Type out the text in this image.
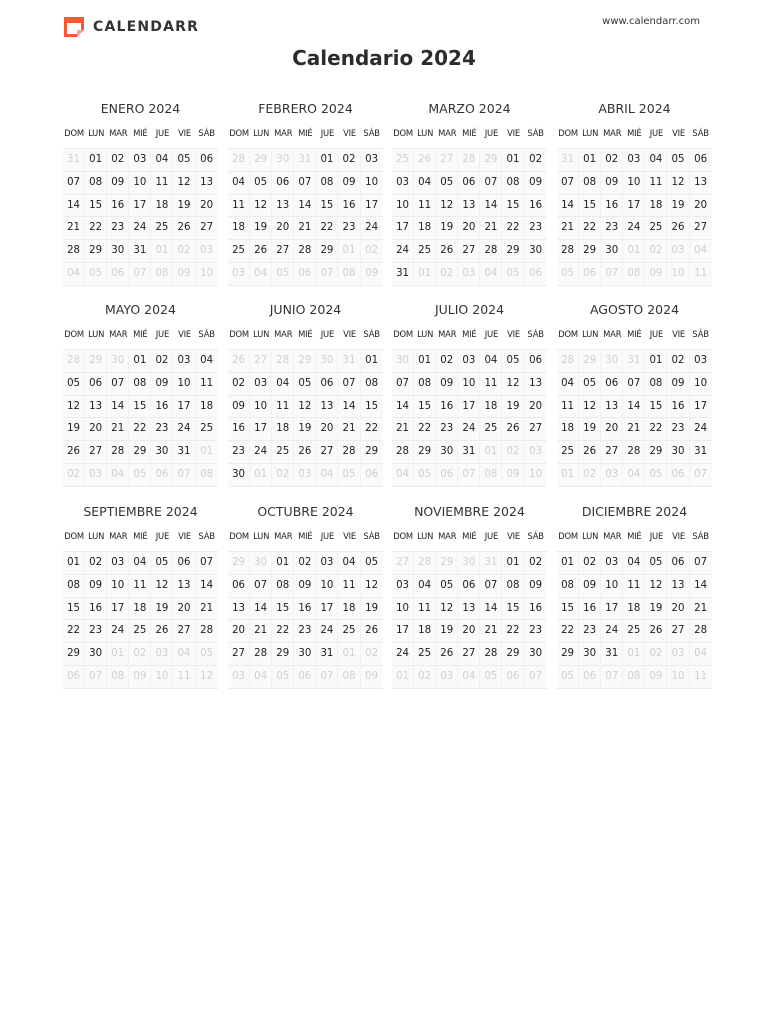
CALENDARR	www.calendarr.com
Calendario 2024
ENERO 2024
DOM LUN MAR MIÉ JUE	VIE SÁB
31 01 02 03 04 05 06
07 08 09 10 11 12 13
14 15 16 17 18 19 20
21 22 23 24 25 26 27
28 29 30 31 01 02 03
04 05 06 07 08 09 10
FEBRERO 2024
DOM LUN MAR MIÉ JUE	VIE SÁB
28 29 30 31 01 02 03
04 05 06 07 08 09 10
11 12 13 14 15 16 17
18 19 20 21 22 23 24
25 26 27 28 29 01 02
03 04 05 06 07 08 09
MARZO 2024
DOM LUN MAR MIÉ JUE	VIE SÁB
25 26 27 28 29 01 02
03 04 05 06 07 08 09
10 11 12 13 14 15 16
17 18 19 20 21 22 23
24 25 26 27 28 29 30
31 01 02 03 04 05 06
ABRIL 2024
DOM LUN MAR MIÉ JUE	VIE SÁB
31 01 02 03 04 05 06
07 08 09 10 11 12 13
14 15 16 17 18 19 20
21 22 23 24 25 26 27
28 29 30 01 02 03 04
05 06 07 08 09 10 11
MAYO 2024
DOM LUN MAR MIÉ JUE	VIE SÁB
28 29 30 01 02 03 04
05 06 07 08 09 10 11
12 13 14 15 16 17 18
19 20 21 22 23 24 25
26 27 28 29 30 31 01
02 03 04 05 06 07 08
JUNIO 2024
DOM LUN MAR MIÉ JUE	VIE SÁB
26 27 28 29 30 31 01
02 03 04 05 06 07 08
09 10 11 12 13 14 15
16 17 18 19 20 21 22
23 24 25 26 27 28 29
30 01 02 03 04 05 06
JULIO 2024
DOM LUN MAR MIÉ JUE	VIE SÁB
30 01 02 03 04 05 06
07 08 09 10 11 12 13
14 15 16 17 18 19 20
21 22 23 24 25 26 27
28 29 30 31 01 02 03
04 05 06 07 08 09 10
AGOSTO 2024
DOM LUN MAR MIÉ JUE	VIE SÁB
28 29 30 31 01 02 03
04 05 06 07 08 09 10
11 12 13 14 15 16 17
18 19 20 21 22 23 24
25 26 27 28 29 30 31
01 02 03 04 05 06 07
SEPTIEMBRE 2024
DOM LUN MAR MIÉ JUE	VIE SÁB
01 02 03 04 05 06 07
08 09 10 11 12 13 14
15 16 17 18 19 20 21
22 23 24 25 26 27 28
29 30 01 02 03 04 05
06 07 08 09 10 11 12
OCTUBRE 2024
DOM LUN MAR MIÉ JUE	VIE SÁB
29 30 01 02 03 04 05
06 07 08 09 10 11 12
13 14 15 16 17 18 19
20 21 22 23 24 25 26
27 28 29 30 31 01 02
03 04 05 06 07 08 09
NOVIEMBRE 2024
DOM LUN MAR MIÉ JUE	VIE SÁB
27 28 29 30 31 01 02
03 04 05 06 07 08 09
10 11 12 13 14 15 16
17 18 19 20 21 22 23
24 25 26 27 28 29 30
01 02 03 04 05 06 07
DICIEMBRE 2024
DOM LUN MAR MIÉ JUE	VIE SÁB
01 02 03 04 05 06 07
08 09 10 11 12 13 14
15 16 17 18 19 20 21
22 23 24 25 26 27 28
29 30 31 01 02 03 04
05 06 07 08 09 10 11
